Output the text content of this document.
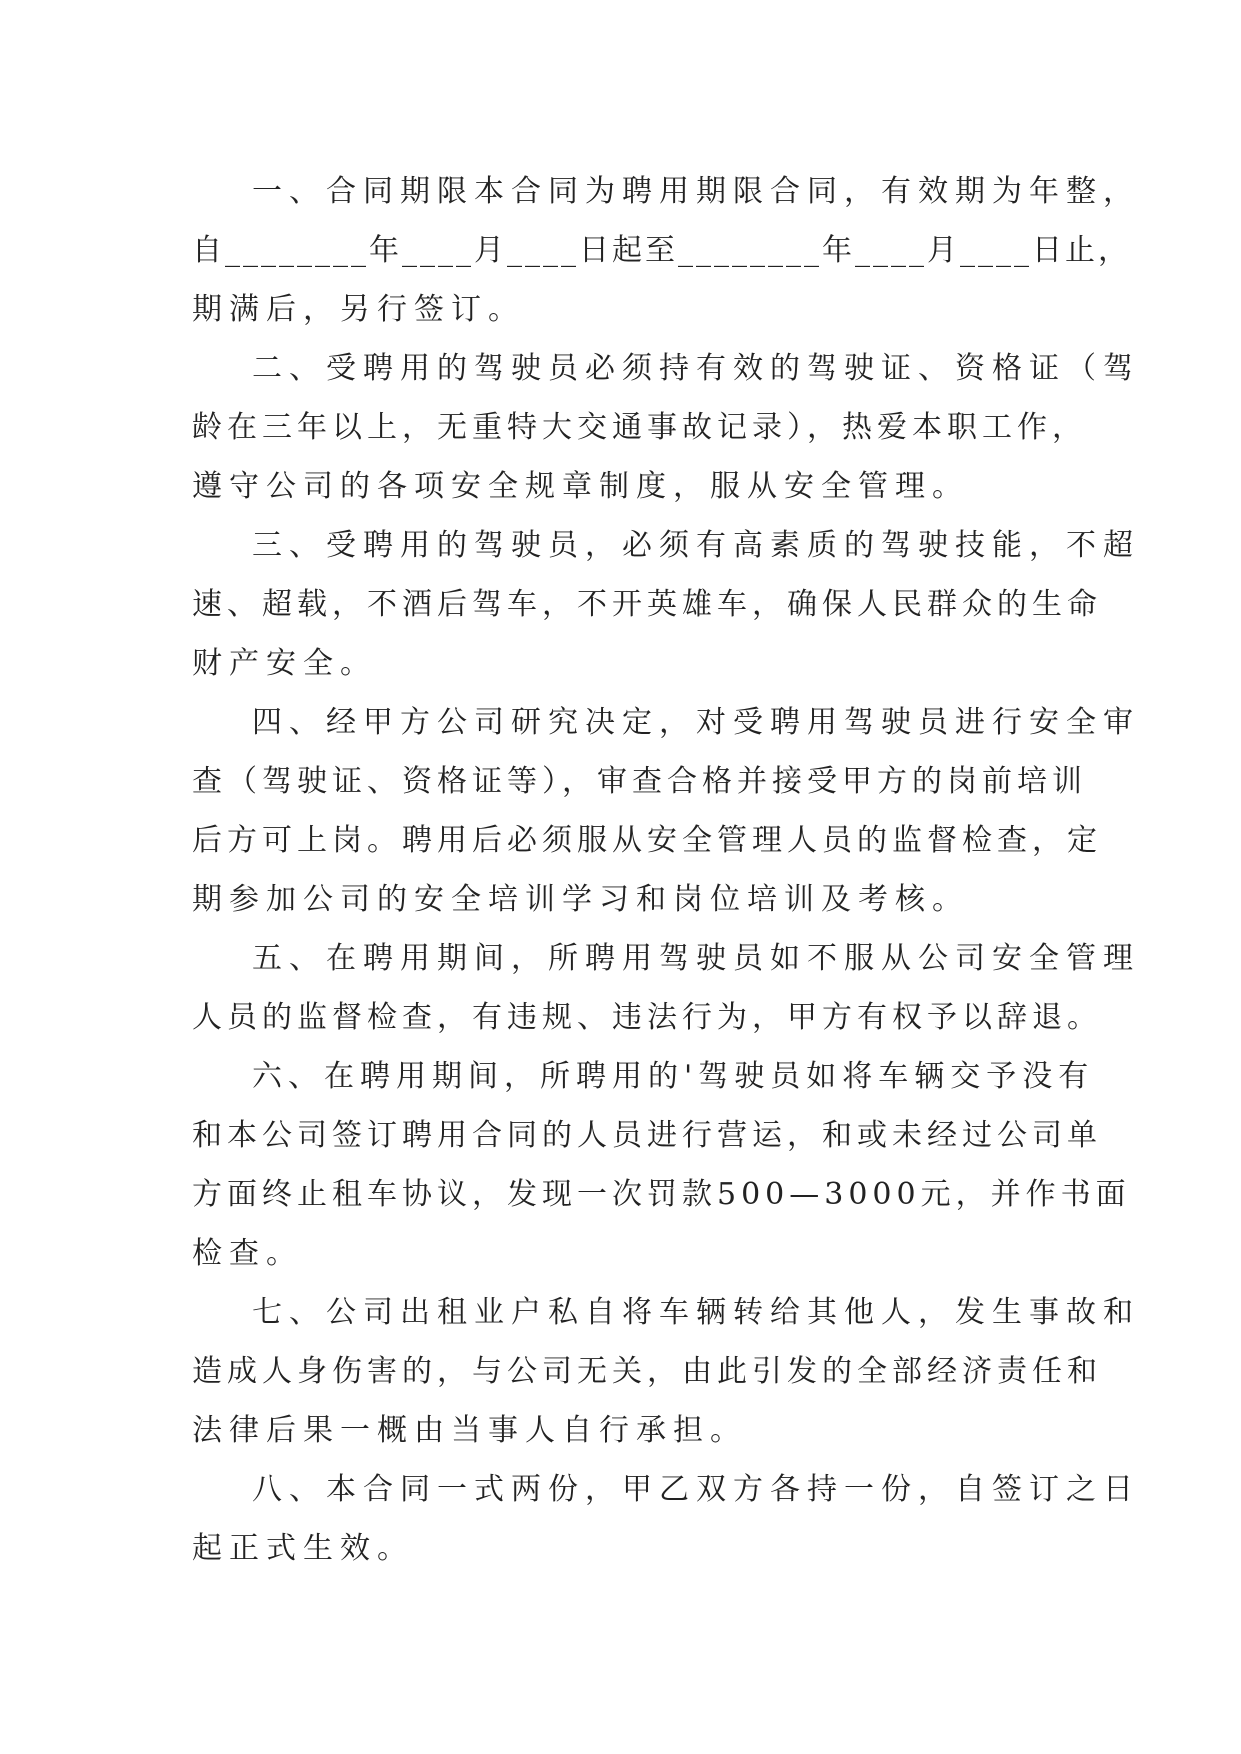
一、合同期限本合同为聘用期限合同，有效期为年整，
自________年____月____日起至________年____月____日止，
期满后，另行签订。

二、受聘用的驾驶员必须持有效的驾驶证、资格证（驾
龄在三年以上，无重特大交通事故记录），热爱本职工作，
遵守公司的各项安全规章制度，服从安全管理。

三、受聘用的驾驶员，必须有高素质的驾驶技能，不超
速、超载，不酒后驾车，不开英雄车，确保人民群众的生命
财产安全。

四、经甲方公司研究决定，对受聘用驾驶员进行安全审
查（驾驶证、资格证等），审查合格并接受甲方的岗前培训
后方可上岗。聘用后必须服从安全管理人员的监督检查，定
期参加公司的安全培训学习和岗位培训及考核。

五、在聘用期间，所聘用驾驶员如不服从公司安全管理
人员的监督检查，有违规、违法行为，甲方有权予以辞退。

六、在聘用期间，所聘用的'驾驶员如将车辆交予没有
和本公司签订聘用合同的人员进行营运，和或未经过公司单
方面终止租车协议，发现一次罚款500—3000元，并作书面
检查。

七、公司出租业户私自将车辆转给其他人，发生事故和
造成人身伤害的，与公司无关，由此引发的全部经济责任和
法律后果一概由当事人自行承担。

八、本合同一式两份，甲乙双方各持一份，自签订之日
起正式生效。
